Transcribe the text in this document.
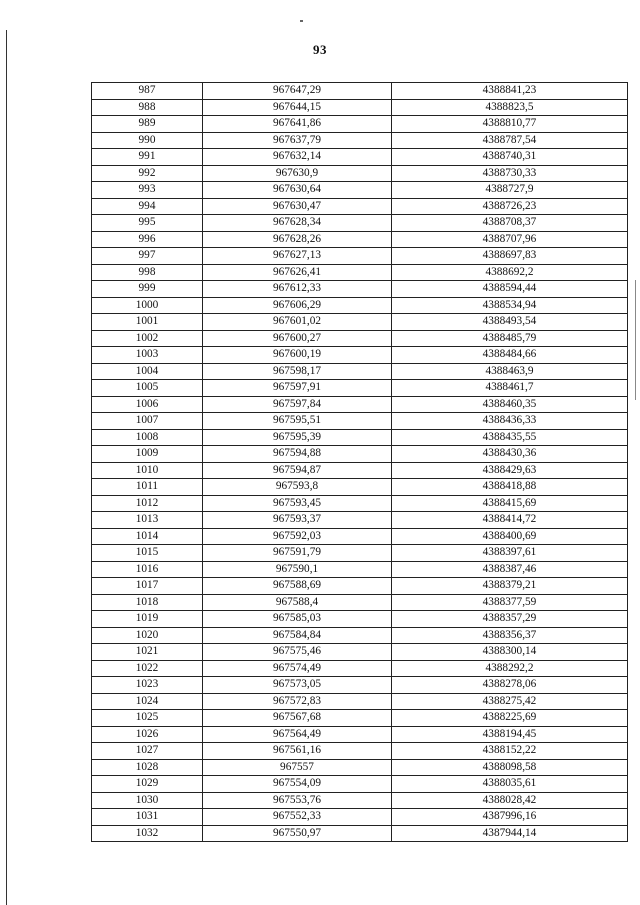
93
987	967647,29	4388841,23
988	967644,15	4388823,5
989	967641,86	4388810,77
990	967637,79	4388787,54
991	967632,14	4388740,31
992	967630,9	4388730,33
993	967630,64	4388727,9
994	967630,47	4388726,23
995	967628,34	4388708,37
996	967628,26	4388707,96
997	967627,13	4388697,83
998	967626,41	4388692,2
999	967612,33	4388594,44
1000	967606,29	4388534,94
1001	967601,02	4388493,54
1002	967600,27	4388485,79
1003	967600,19	4388484,66
1004	967598,17	4388463,9
1005	967597,91	4388461,7
1006	967597,84	4388460,35
1007	967595,51	4388436,33
1008	967595,39	4388435,55
1009	967594,88	4388430,36
1010	967594,87	4388429,63
1011	967593,8	4388418,88
1012	967593,45	4388415,69
1013	967593,37	4388414,72
1014	967592,03	4388400,69
1015	967591,79	4388397,61
1016	967590,1	4388387,46
1017	967588,69	4388379,21
1018	967588,4	4388377,59
1019	967585,03	4388357,29
1020	967584,84	4388356,37
1021	967575,46	4388300,14
1022	967574,49	4388292,2
1023	967573,05	4388278,06
1024	967572,83	4388275,42
1025	967567,68	4388225,69
1026	967564,49	4388194,45
1027	967561,16	4388152,22
1028	967557	4388098,58
1029	967554,09	4388035,61
1030	967553,76	4388028,42
1031	967552,33	4387996,16
1032	967550,97	4387944,14
